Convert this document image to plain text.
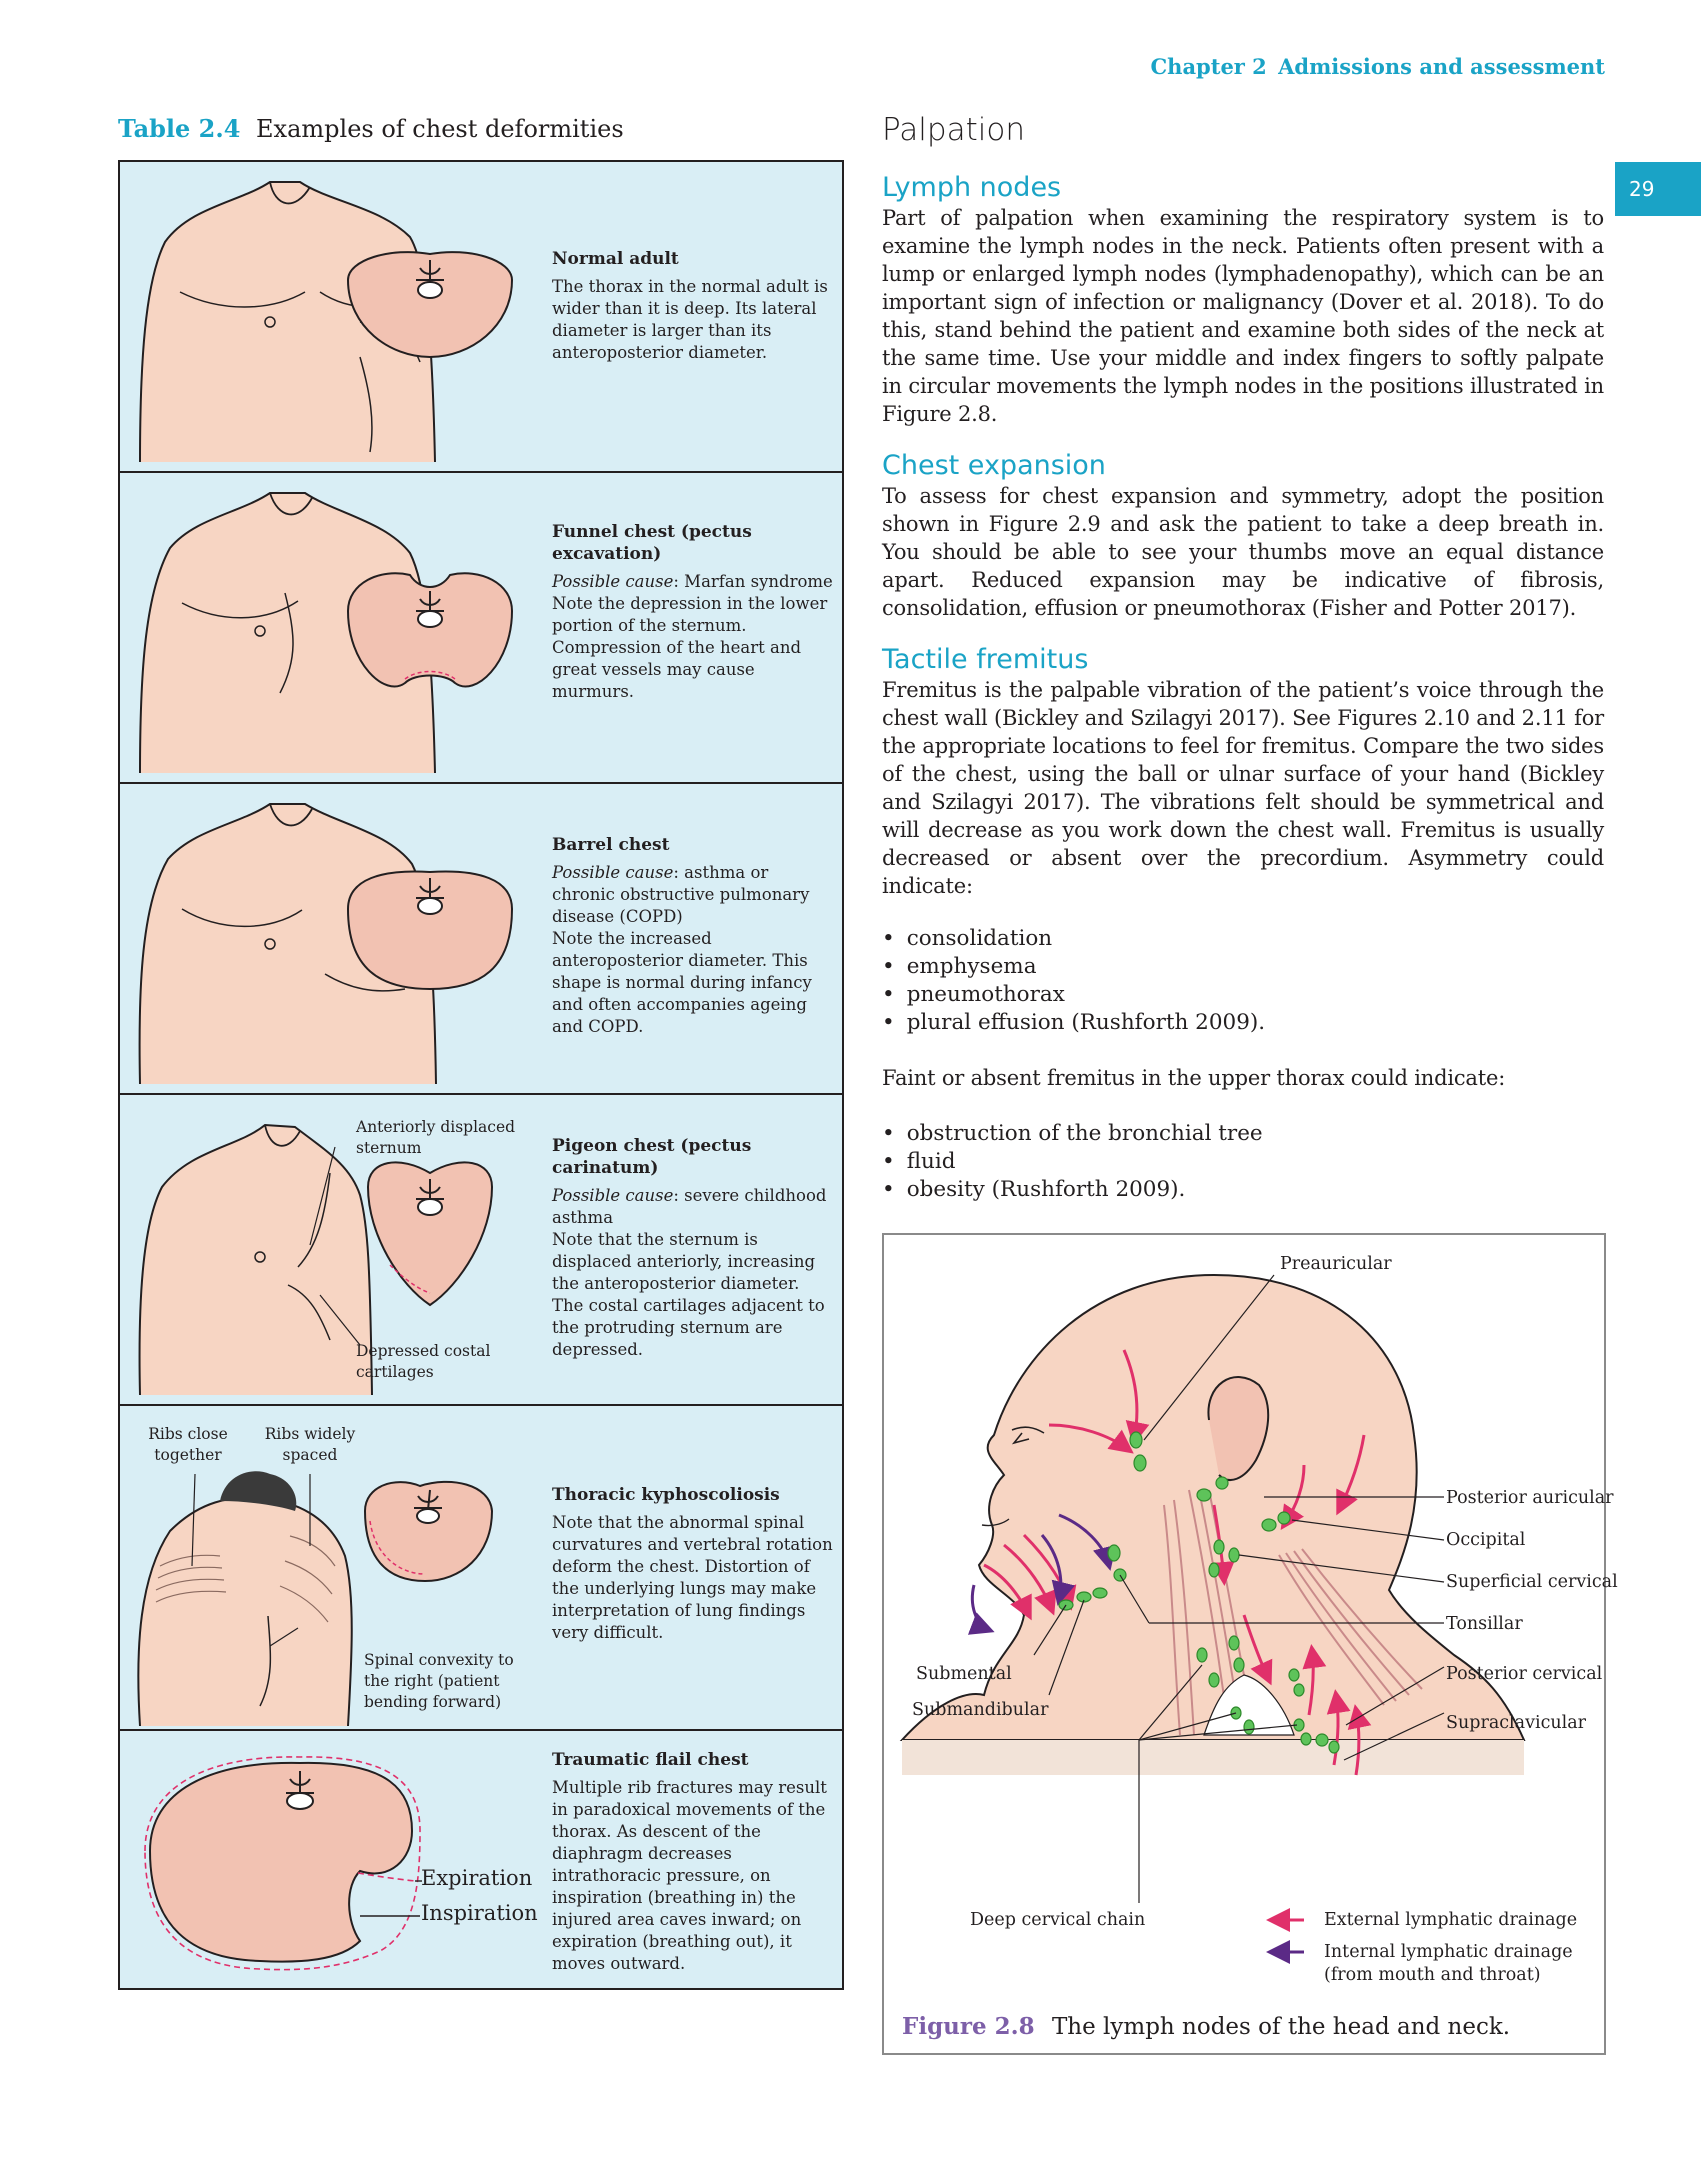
Chapter 2 Admissions and assessment
29
Table 2.4 Examples of chest deformities
Normal adult
The thorax in the normal adult is wider than it is deep. Its lateral diameter is larger than its anteroposterior diameter.
Funnel chest (pectus excavation)
Possible cause: Marfan syndrome
Note the depression in the lower portion of the sternum. Compression of the heart and great vessels may cause murmurs.
Barrel chest
Possible cause: asthma or chronic obstructive pulmonary disease (COPD)
Note the increased anteroposterior diameter. This shape is normal during infancy and often accompanies ageing and COPD.
Anteriorly displaced sternum
Depressed costal cartilages
Pigeon chest (pectus carinatum)
Possible cause: severe childhood asthma
Note that the sternum is displaced anteriorly, increasing the anteroposterior diameter. The costal cartilages adjacent to the protruding sternum are depressed.
Ribs close together
Ribs widely spaced
Spinal convexity to the right (patient bending forward)
Thoracic kyphoscoliosis
Note that the abnormal spinal curvatures and vertebral rotation deform the chest. Distortion of the underlying lungs may make interpretation of lung findings very difficult.
Expiration
Inspiration
Traumatic flail chest
Multiple rib fractures may result in paradoxical movements of the thorax. As descent of the diaphragm decreases intrathoracic pressure, on inspiration (breathing in) the injured area caves inward; on expiration (breathing out), it moves outward.
Palpation
Lymph nodes
Part of palpation when examining the respiratory system is to examine the lymph nodes in the neck. Patients often present with a lump or enlarged lymph nodes (lymphadenopathy), which can be an important sign of infection or malignancy (Dover et al. 2018). To do this, stand behind the patient and examine both sides of the neck at the same time. Use your middle and index fingers to softly palpate in circular movements the lymph nodes in the positions illustrated in Figure 2.8.
Chest expansion
To assess for chest expansion and symmetry, adopt the position shown in Figure 2.9 and ask the patient to take a deep breath in. You should be able to see your thumbs move an equal distance apart. Reduced expansion may be indicative of fibrosis, consolidation, effusion or pneumothorax (Fisher and Potter 2017).
Tactile fremitus
Fremitus is the palpable vibration of the patient’s voice through the chest wall (Bickley and Szilagyi 2017). See Figures 2.10 and 2.11 for the appropriate locations to feel for fremitus. Compare the two sides of the chest, using the ball or ulnar surface of your hand (Bickley and Szilagyi 2017). The vibrations felt should be symmetrical and will decrease as you work down the chest wall. Fremitus is usually decreased or absent over the precordium. Asymmetry could indicate:
• consolidation
• emphysema
• pneumothorax
• plural effusion (Rushforth 2009).
Faint or absent fremitus in the upper thorax could indicate:
• obstruction of the bronchial tree
• fluid
• obesity (Rushforth 2009).
Preauricular
Posterior auricular
Occipital
Superficial cervical
Tonsillar
Posterior cervical
Supraclavicular
Submental
Submandibular
Deep cervical chain	External lymphatic drainage
Internal lymphatic drainage
(from mouth and throat)
Figure 2.8 The lymph nodes of the head and neck.
